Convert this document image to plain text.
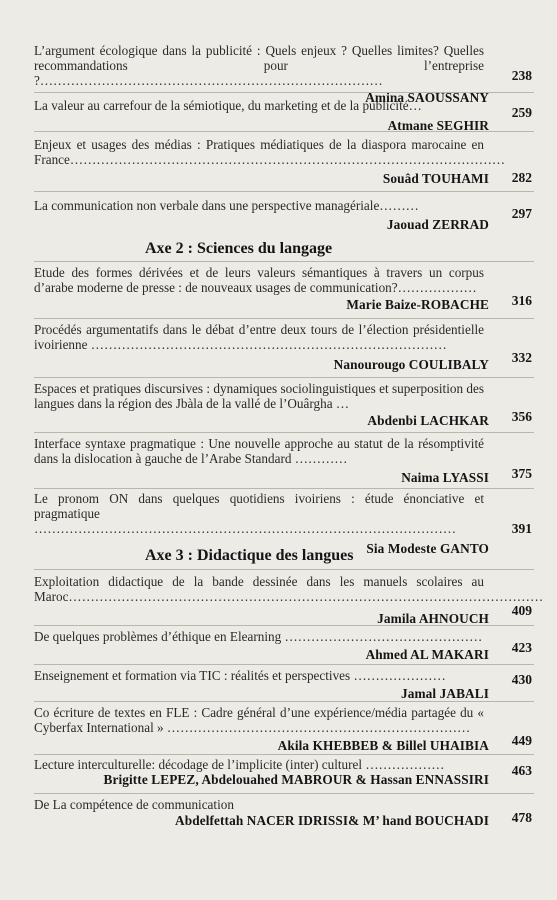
L’argument écologique dans la publicité : Quels enjeux ? Quelles limites? Quelles recommandations pour l’entreprise ?……………………………………………………………………
Amina SAOUSSANY
238
La valeur au carrefour de la sémiotique, du marketing et de la publicité…
Atmane SEGHIR
259
Enjeux et usages des médias : Pratiques médiatiques de la diaspora marocaine en France………………………………………………………………………………………
Souâd TOUHAMI 282
La communication non verbale dans une perspective managériale………
Jaouad ZERRAD
297
Axe 2 : Sciences du langage
Etude des formes dérivées et de leurs valeurs sémantiques à travers un corpus d’arabe moderne de presse : de nouveaux usages de communication?………………
Marie Baize-ROBACHE 316
Procédés argumentatifs dans le débat d’entre deux tours de l’élection présidentielle ivoirienne ………………………………………………………………………
Nanourougo COULIBALY 332
Espaces et pratiques discursives : dynamiques sociolinguistiques et superposition des langues dans la région des Jbàla de la vallé de l’Ouârgha …
Abdenbi LACHKAR 356
Interface syntaxe pragmatique : Une nouvelle approche au statut de la résomptivité dans la dislocation à gauche de l’Arabe Standard …………
Naima LYASSI 375
Le pronom ON dans quelques quotidiens ivoiriens : étude énonciative et pragmatique ……………………………………………………………………………………
Sia Modeste GANTO
391
Axe 3 : Didactique des langues
Exploitation didactique de la bande dessinée dans les manuels scolaires au Maroc………………………………………………………………………………………………
Jamila AHNOUCH
409
De quelques problèmes d’éthique en Elearning ………………………………………
Ahmed AL MAKARI 423
Enseignement et formation via TIC : réalités et perspectives …………………
Jamal JABALI
430
Co écriture de textes en FLE : Cadre général d’une expérience/média partagée du « Cyberfax International » ……………………………………………………………
Akila KHEBBEB & Billel UHAIBIA 449
Lecture interculturelle: décodage de l’implicite (inter) culturel ………………
Brigitte LEPEZ, Abdelouahed MABROUR & Hassan ENNASSIRI
463
De La compétence de communication
Abdelfettah NACER IDRISSI& M’ hand BOUCHADI 478
